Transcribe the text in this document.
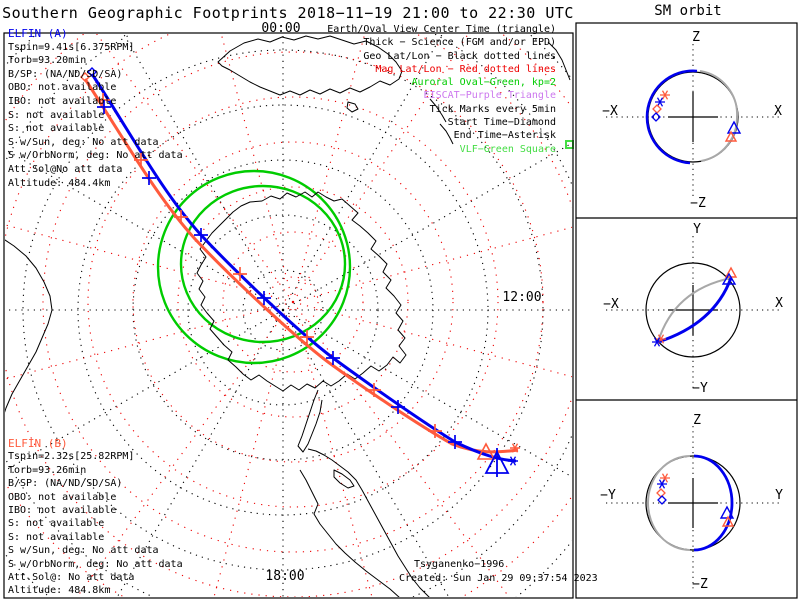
00:00
12:00
18:00
Z
−Z
−X	X
Y
−Y
−X	X
Z
−Z
−Y	Y
Southern Geographic Footprints 2018−11−19 21:00 to 22:30 UTC	SM orbit
ELFIN (A)
Tspin=9.41s[6.375RPM]
Torb=93.20min
B/SP: (NA/ND/SD/SA)
OBO: not available
IBO: not available
S: not available
S: not available
S w/Sun, deg: No att data
S w/OrbNorm, deg: No att data
Att.Sol@No att data
Altitude: 484.4km
ELFIN (B)
Tspin=2.32s[25.82RPM]
Torb=93.26min
B/SP: (NA/ND/SD/SA)
OBO: not available
IBO: not available
S: not available
S: not available
S w/Sun, deg: No att data
S w/OrbNorm, deg: No att data
Att.Sol@: No att data
Altitude: 484.8km
Earth/Oval View Center Time (triangle)
Thick − Science (FGM and/or EPD)
Geo Lat/Lon − Black dotted lines
Mag Lat/Lon − Red dotted lines
Auroral Oval−Green, kp=2
EISCAT−Purple Triangle
Tick Marks every 5min
Start Time−Diamond
End Time−Asterisk
VLF−Green Square
Tsyganenko−1996
Created: Sun Jan 29 09:37:54 2023
